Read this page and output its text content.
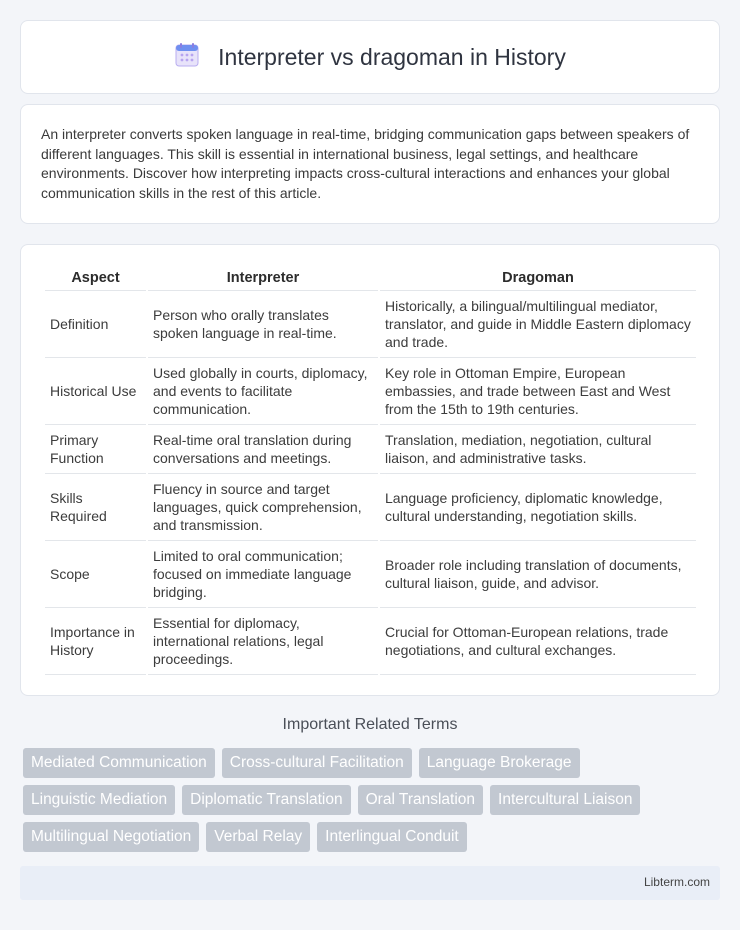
Interpreter vs dragoman in History

An interpreter converts spoken language in real-time, bridging communication gaps between speakers of different languages. This skill is essential in international business, legal settings, and healthcare environments. Discover how interpreting impacts cross-cultural interactions and enhances your global communication skills in the rest of this article.

Aspect	Interpreter	Dragoman
Definition	Person who orally translates spoken language in real-time.	Historically, a bilingual/multilingual mediator, translator, and guide in Middle Eastern diplomacy and trade.
Historical Use	Used globally in courts, diplomacy, and events to facilitate communication.	Key role in Ottoman Empire, European embassies, and trade between East and West from the 15th to 19th centuries.
Primary Function	Real-time oral translation during conversations and meetings.	Translation, mediation, negotiation, cultural liaison, and administrative tasks.
Skills Required	Fluency in source and target languages, quick comprehension, and transmission.	Language proficiency, diplomatic knowledge, cultural understanding, negotiation skills.
Scope	Limited to oral communication; focused on immediate language bridging.	Broader role including translation of documents, cultural liaison, guide, and advisor.
Importance in History	Essential for diplomacy, international relations, legal proceedings.	Crucial for Ottoman-European relations, trade negotiations, and cultural exchanges.
Important Related Terms
Mediated Communication	Cross-cultural Facilitation	Language Brokerage
Linguistic Mediation	Diplomatic Translation	Oral Translation	Intercultural Liaison
Multilingual Negotiation	Verbal Relay	Interlingual Conduit
Libterm.com
